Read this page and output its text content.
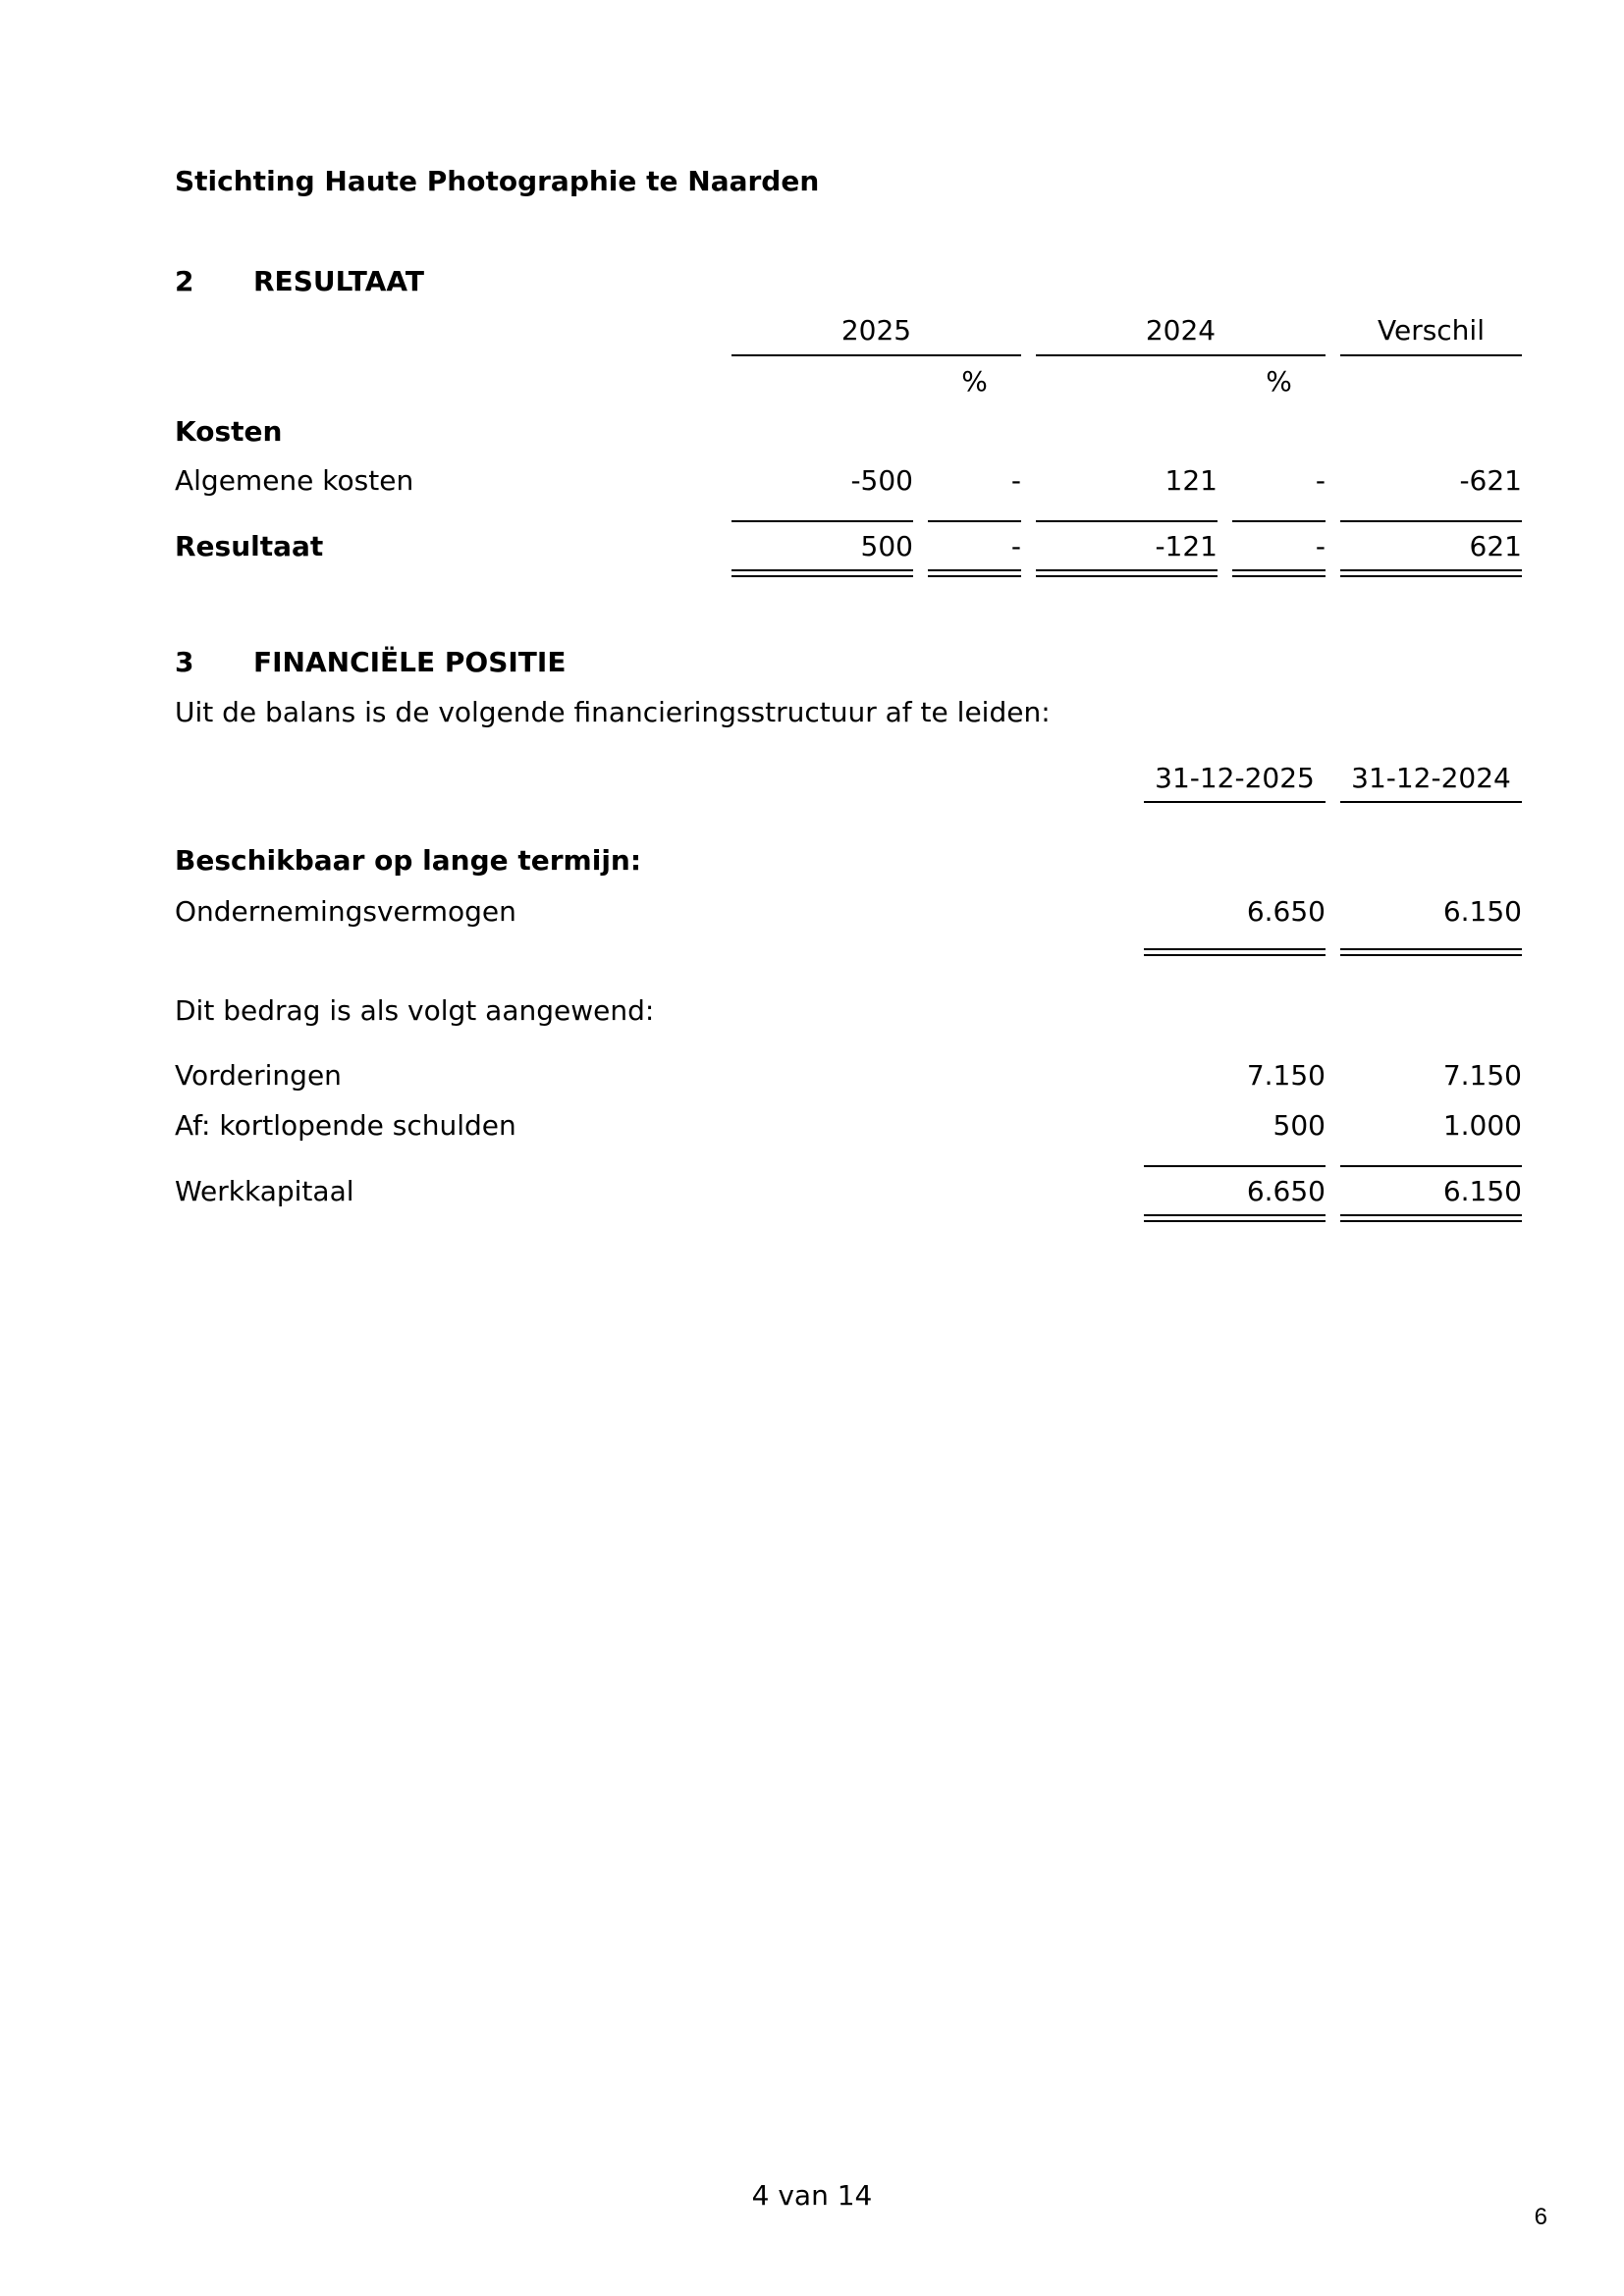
Stichting Haute Photographie te Naarden
2 RESULTAAT
2025	2024	Verschil
%	%
Kosten
Algemene kosten	-500	-	121	-	-621
Resultaat	500	-	-121	-	621
3 FINANCIËLE POSITIE
Uit de balans is de volgende financieringsstructuur af te leiden:
31-12-2025	31-12-2024
Beschikbaar op lange termijn:
Ondernemingsvermogen	6.650	6.150
Dit bedrag is als volgt aangewend:
Vorderingen	7.150	7.150
Af: kortlopende schulden	500	1.000
Werkkapitaal	6.650	6.150
4 van 14
6
